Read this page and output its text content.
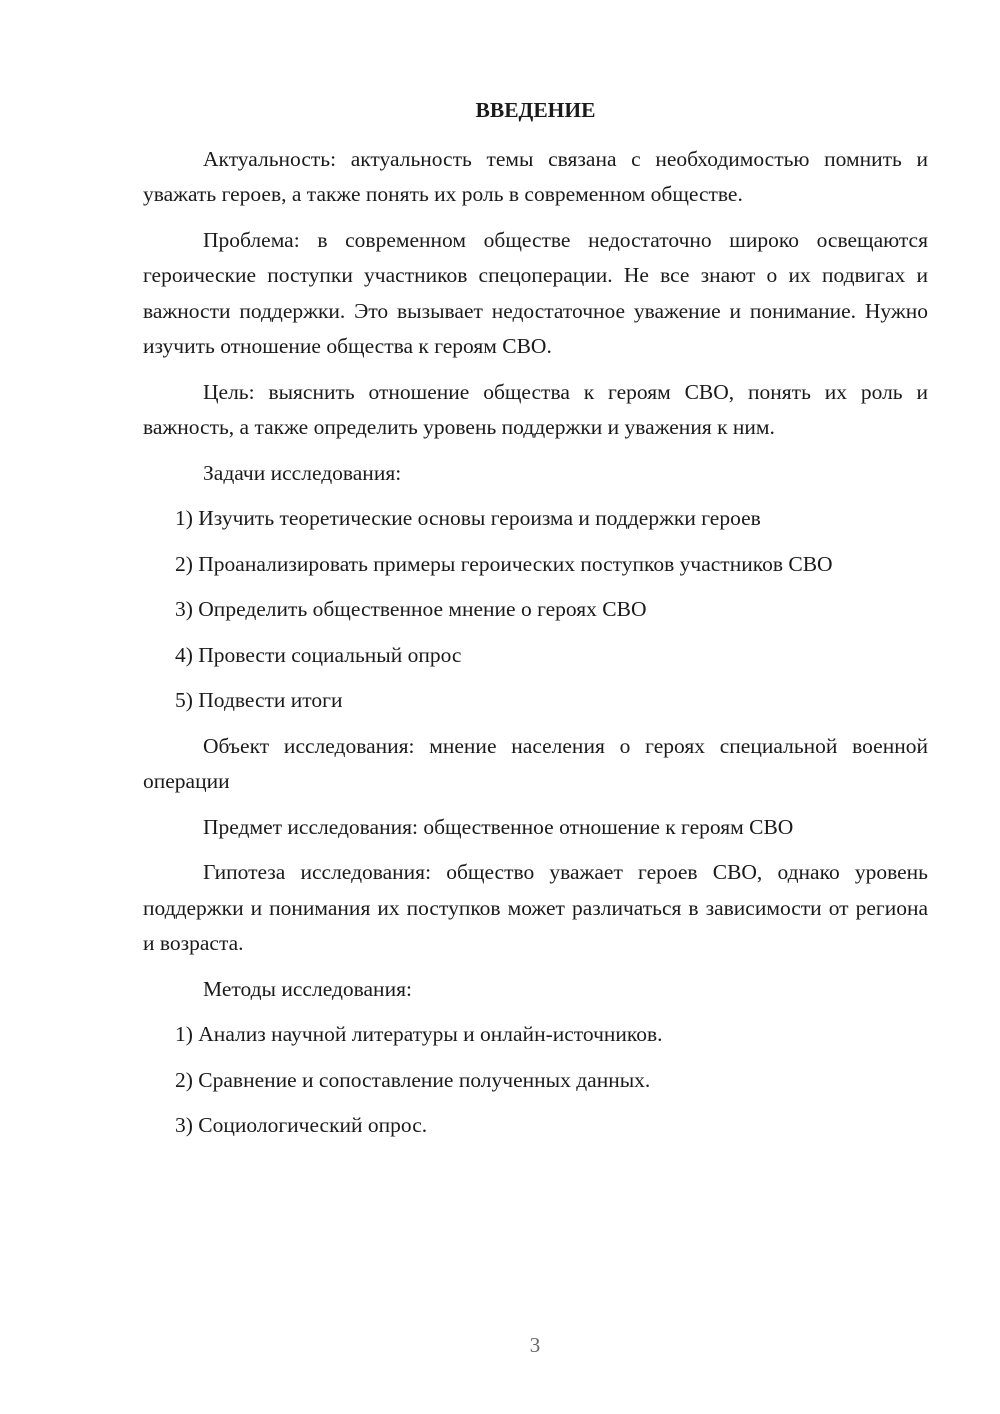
ВВЕДЕНИЕ

Актуальность: актуальность темы связана с необходимостью помнить и уважать героев, а также понять их роль в современном обществе.

Проблема: в современном обществе недостаточно широко освещаются героические поступки участников спецоперации. Не все знают о их подвигах и важности поддержки. Это вызывает недостаточное уважение и понимание. Нужно изучить отношение общества к героям СВО.

Цель: выяснить отношение общества к героям СВО, понять их роль и важность, а также определить уровень поддержки и уважения к ним.

Задачи исследования:

1) Изучить теоретические основы героизма и поддержки героев

2) Проанализировать примеры героических поступков участников СВО

3) Определить общественное мнение о героях СВО

4) Провести социальный опрос

5) Подвести итоги

Объект исследования: мнение населения о героях специальной военной операции

Предмет исследования: общественное отношение к героям СВО

Гипотеза исследования: общество уважает героев СВО, однако уровень поддержки и понимания их поступков может различаться в зависимости от региона и возраста.

Методы исследования:

1) Анализ научной литературы и онлайн-источников.

2) Сравнение и сопоставление полученных данных.

3) Социологический опрос.

3
